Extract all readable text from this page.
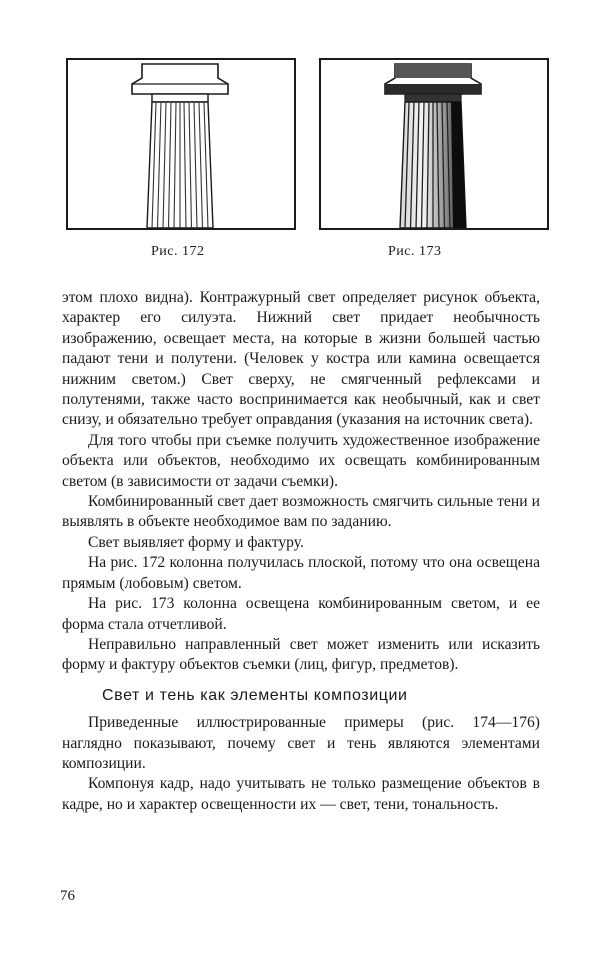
Рис. 172	Рис. 173

этом плохо видна). Контражурный свет определяет рисунок объекта, характер его силуэта. Нижний свет придает необычность изображению, освещает места, на которые в жизни большей частью падают тени и полутени. (Человек у костра или камина освещается нижним светом.) Свет сверху, не смягченный рефлексами и полутенями, также часто воспринимается как необычный, как и свет снизу, и обязательно требует оправдания (указания на источник света).

Для того чтобы при съемке получить художественное изображение объекта или объектов, необходимо их освещать комбинированным светом (в зависимости от задачи съемки).

Комбинированный свет дает возможность смягчить сильные тени и выявлять в объекте необходимое вам по заданию.

Свет выявляет форму и фактуру.

На рис. 172 колонна получилась плоской, потому что она освещена прямым (лобовым) светом.

На рис. 173 колонна освещена комбинированным светом, и ее форма стала отчетливой.

Неправильно направленный свет может изменить или исказить форму и фактуру объектов съемки (лиц, фигур, предметов).

Свет и тень как элементы композиции

Приведенные иллюстрированные примеры (рис. 174—176) наглядно показывают, почему свет и тень являются элементами композиции.

Компонуя кадр, надо учитывать не только размещение объектов в кадре, но и характер освещенности их — свет, тени, тональность.

76
